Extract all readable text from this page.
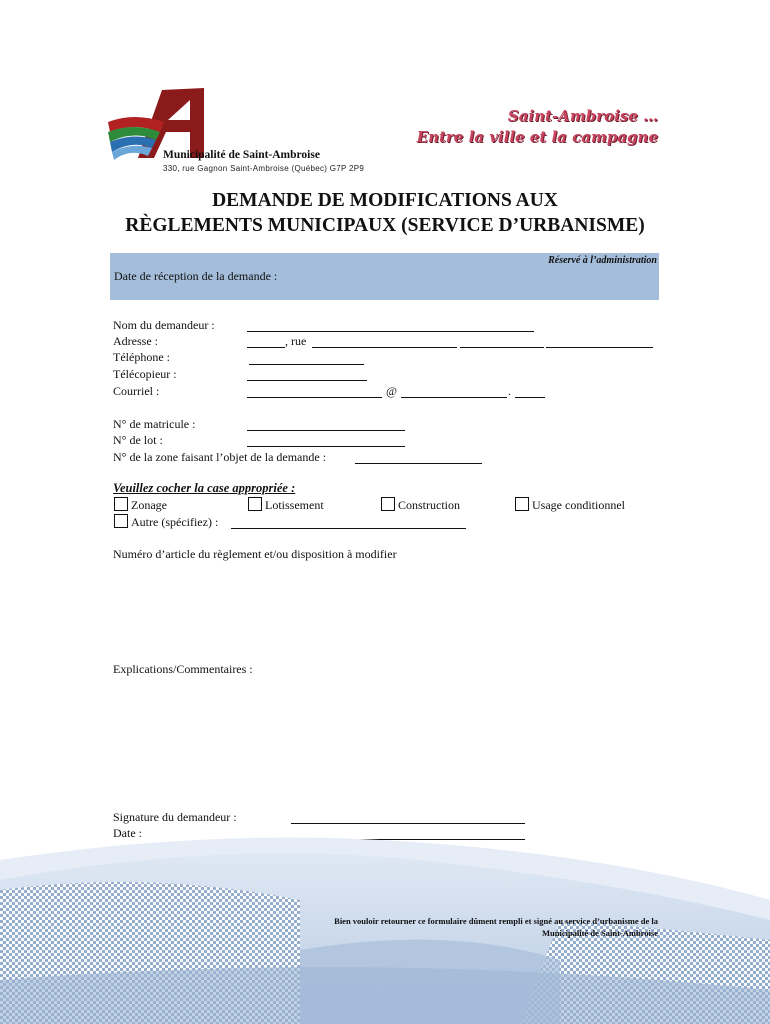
Municipalité de Saint-Ambroise
330, rue Gagnon Saint-Ambroise (Québec) G7P 2P9
Saint-Ambroise …
Entre la ville et la campagne
DEMANDE DE MODIFICATIONS AUX
RÈGLEMENTS MUNICIPAUX (SERVICE D’URBANISME)
Réservé à l’administration
Date de réception de la demande :
Nom du demandeur :
Adresse :	, rue
Téléphone :
Télécopieur :
Courriel :	@	.
N° de matricule :
N° de lot :
N° de la zone faisant l’objet de la demande :
Veuillez cocher la case appropriée :
Zonage	Lotissement	Construction	Usage conditionnel
Autre (spécifiez) :
Numéro d’article du règlement et/ou disposition à modifier
Explications/Commentaires :
Signature du demandeur :
Date :
Bien vouloir retourner ce formulaire dûment rempli et signé au service d’urbanisme de la
Municipalité de Saint-Ambroise
